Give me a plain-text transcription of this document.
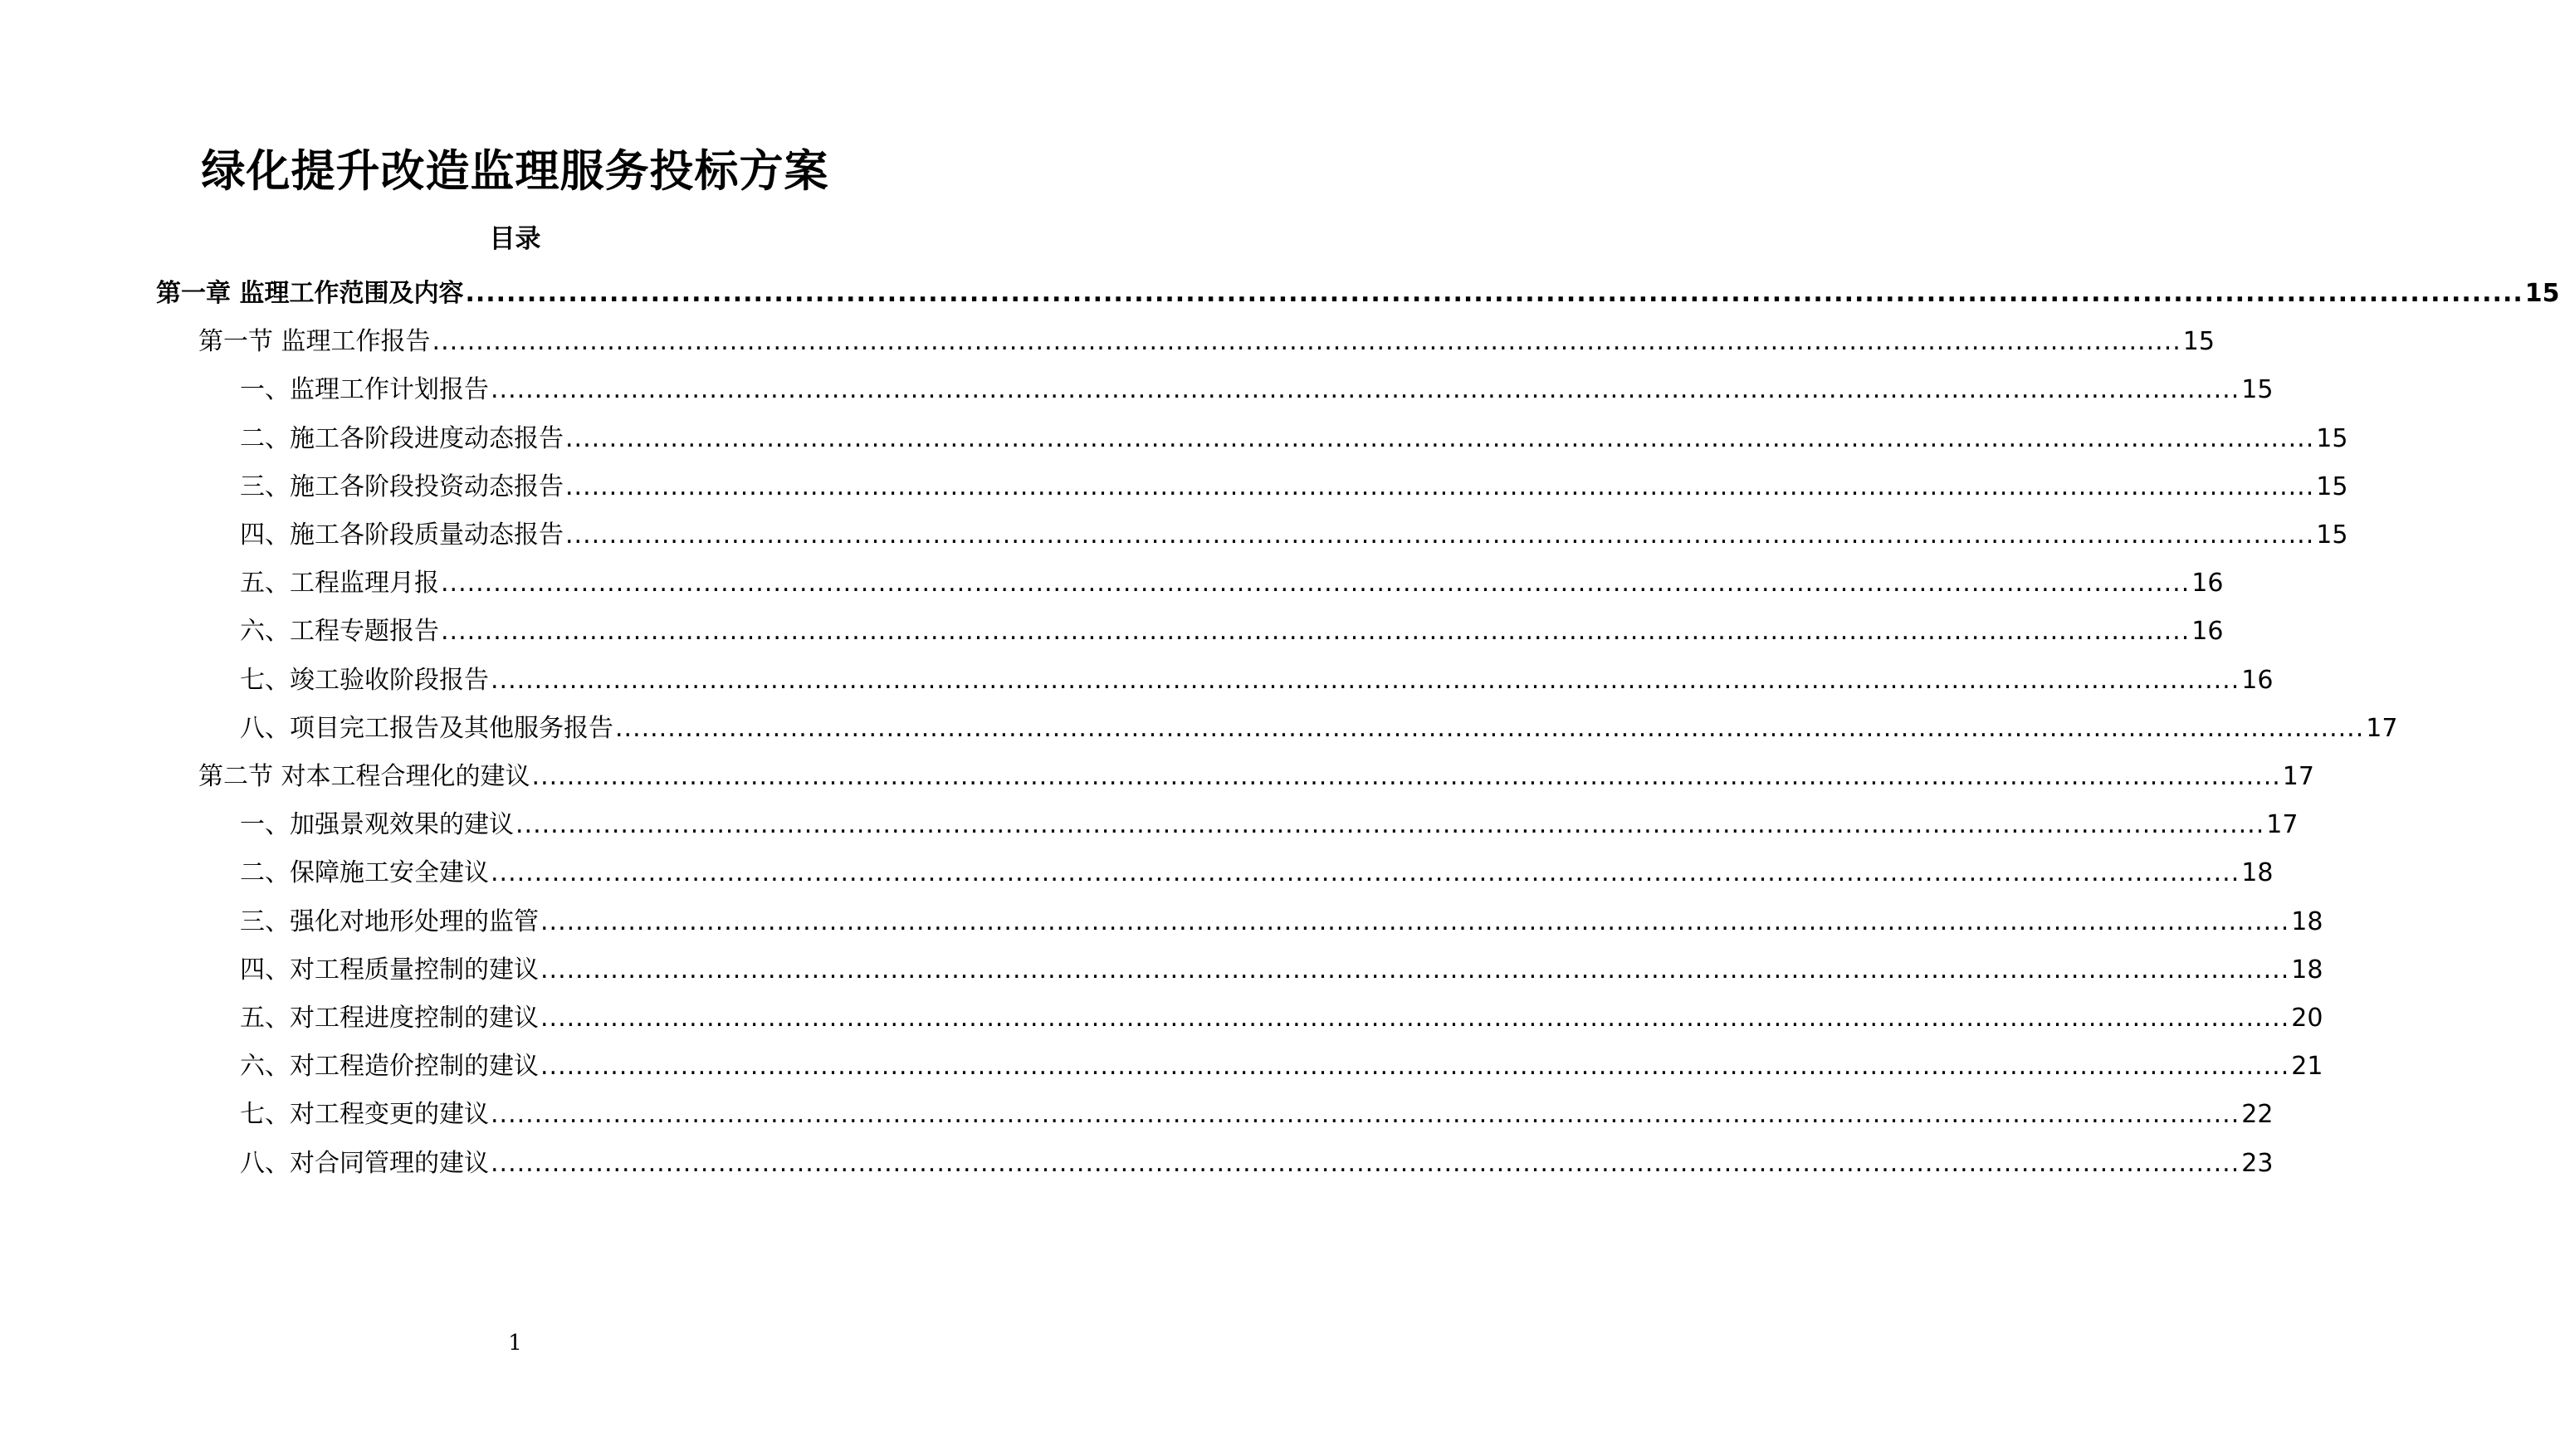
绿化提升改造监理服务投标方案
目录
第一章 监理工作范围及内容 ........................................................................................................................................................................................................ 15
第一节 监理工作报告 ........................................................................................................................................................................................................ 15
一、监理工作计划报告 ........................................................................................................................................................................................................ 15
二、施工各阶段进度动态报告 ........................................................................................................................................................................................................ 15
三、施工各阶段投资动态报告 ........................................................................................................................................................................................................ 15
四、施工各阶段质量动态报告 ........................................................................................................................................................................................................ 15
五、工程监理月报 ........................................................................................................................................................................................................ 16
六、工程专题报告 ........................................................................................................................................................................................................ 16
七、竣工验收阶段报告 ........................................................................................................................................................................................................ 16
八、项目完工报告及其他服务报告 ........................................................................................................................................................................................................ 17
第二节 对本工程合理化的建议 ........................................................................................................................................................................................................ 17
一、加强景观效果的建议 ........................................................................................................................................................................................................ 17
二、保障施工安全建议 ........................................................................................................................................................................................................ 18
三、强化对地形处理的监管 ........................................................................................................................................................................................................ 18
四、对工程质量控制的建议 ........................................................................................................................................................................................................ 18
五、对工程进度控制的建议 ........................................................................................................................................................................................................ 20
六、对工程造价控制的建议 ........................................................................................................................................................................................................ 21
七、对工程变更的建议 ........................................................................................................................................................................................................ 22
八、对合同管理的建议 ........................................................................................................................................................................................................ 23
1
